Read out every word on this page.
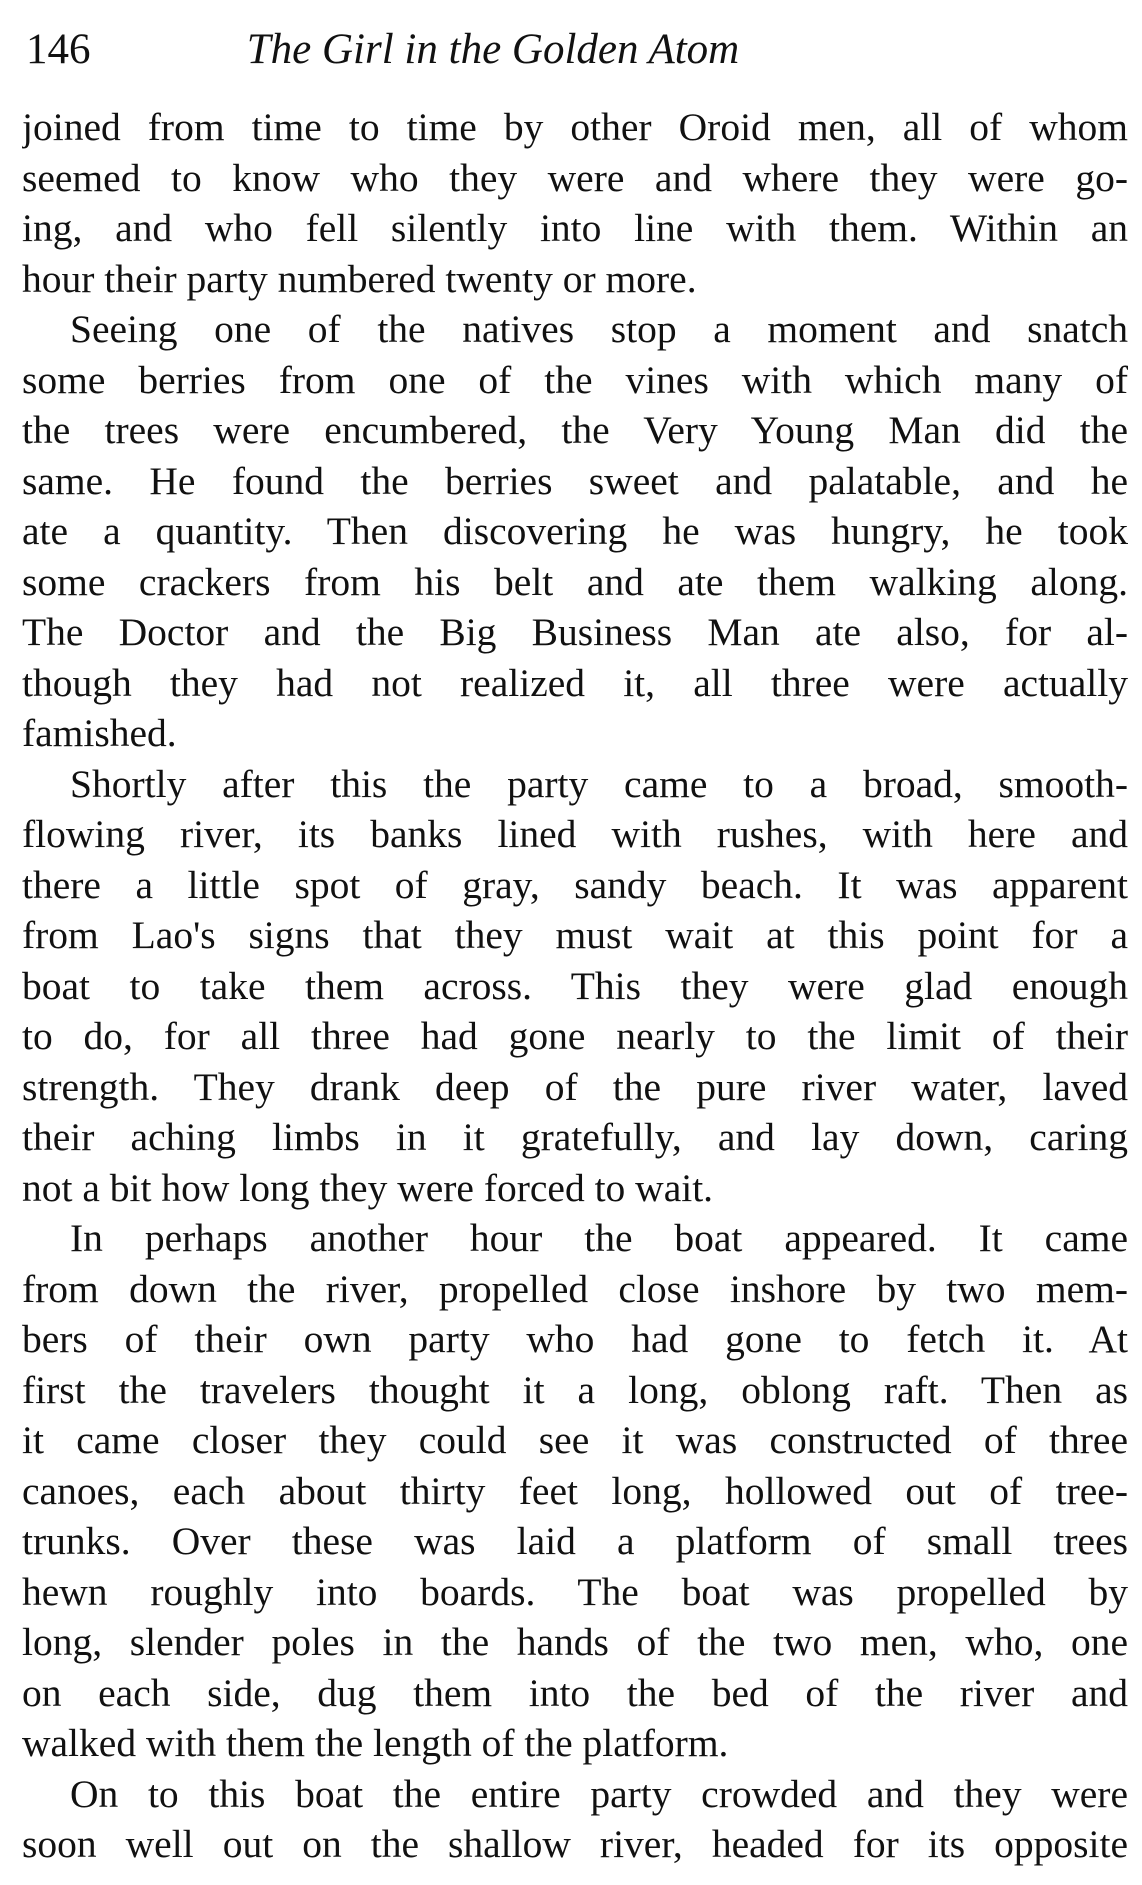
146	The Girl in the Golden Atom
joined from time to time by other Oroid men, all of whom
seemed to know who they were and where they were go-
ing, and who fell silently into line with them. Within an
hour their party numbered twenty or more.
Seeing one of the natives stop a moment and snatch
some berries from one of the vines with which many of
the trees were encumbered, the Very Young Man did the
same. He found the berries sweet and palatable, and he
ate a quantity. Then discovering he was hungry, he took
some crackers from his belt and ate them walking along.
The Doctor and the Big Business Man ate also, for al-
though they had not realized it, all three were actually
famished.
Shortly after this the party came to a broad, smooth-
flowing river, its banks lined with rushes, with here and
there a little spot of gray, sandy beach. It was apparent
from Lao's signs that they must wait at this point for a
boat to take them across. This they were glad enough
to do, for all three had gone nearly to the limit of their
strength. They drank deep of the pure river water, laved
their aching limbs in it gratefully, and lay down, caring
not a bit how long they were forced to wait.
In perhaps another hour the boat appeared. It came
from down the river, propelled close inshore by two mem-
bers of their own party who had gone to fetch it. At
first the travelers thought it a long, oblong raft. Then as
it came closer they could see it was constructed of three
canoes, each about thirty feet long, hollowed out of tree-
trunks. Over these was laid a platform of small trees
hewn roughly into boards. The boat was propelled by
long, slender poles in the hands of the two men, who, one
on each side, dug them into the bed of the river and
walked with them the length of the platform.
On to this boat the entire party crowded and they were
soon well out on the shallow river, headed for its opposite
